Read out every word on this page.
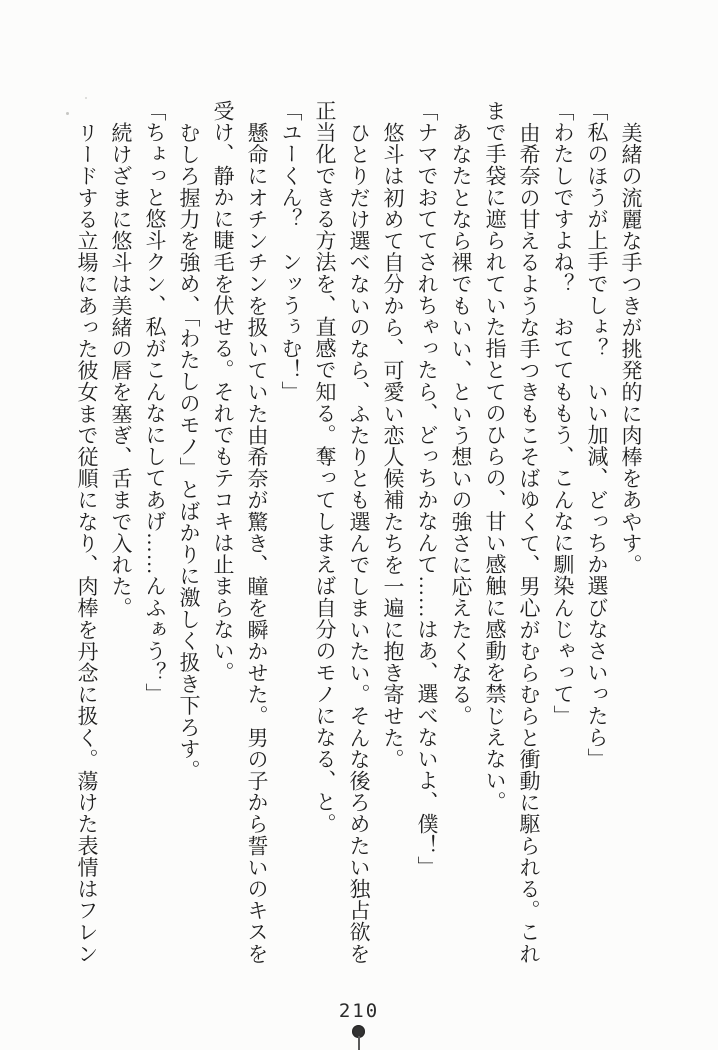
美緒の流麗な手つきが挑発的に肉棒をあやす。

「私のほうが上手でしょ？　いい加減、どっちか選びなさいったら」

「わたしですよね？　おててももう、こんなに馴染んじゃって」

由希奈の甘えるような手つきもこそばゆくて、男心がむらむらと衝動に駆られる。これまで手袋に遮られていた指とてのひらの、甘い感触に感動を禁じえない。

あなたとなら裸でもいい、という想いの強さに応えたくなる。

「ナマでおててされちゃったら、どっちかなんて……はあ、選べないよ、僕！」

悠斗は初めて自分から、可愛い恋人候補たちを一遍に抱き寄せた。

ひとりだけ選べないのなら、ふたりとも選んでしまいたい。そんな後ろめたい独占欲を正当化できる方法を、直感で知る。奪ってしまえば自分のモノになる、と。

「ユーくん？　ンッうぅむ！」

懸命にオチンチンを扱いていた由希奈が驚き、瞳を瞬かせた。男の子から誓いのキスを受け、静かに睫毛を伏せる。それでもテコキは止まらない。

むしろ握力を強め、「わたしのモノ」とばかりに激しく扱き下ろす。

「ちょっと悠斗クン、私がこんなにしてあげ……んふぁう？」

続けざまに悠斗は美緒の唇を塞ぎ、舌まで入れた。

リードする立場にあった彼女まで従順になり、肉棒を丹念に扱く。蕩けた表情はフレン

210
